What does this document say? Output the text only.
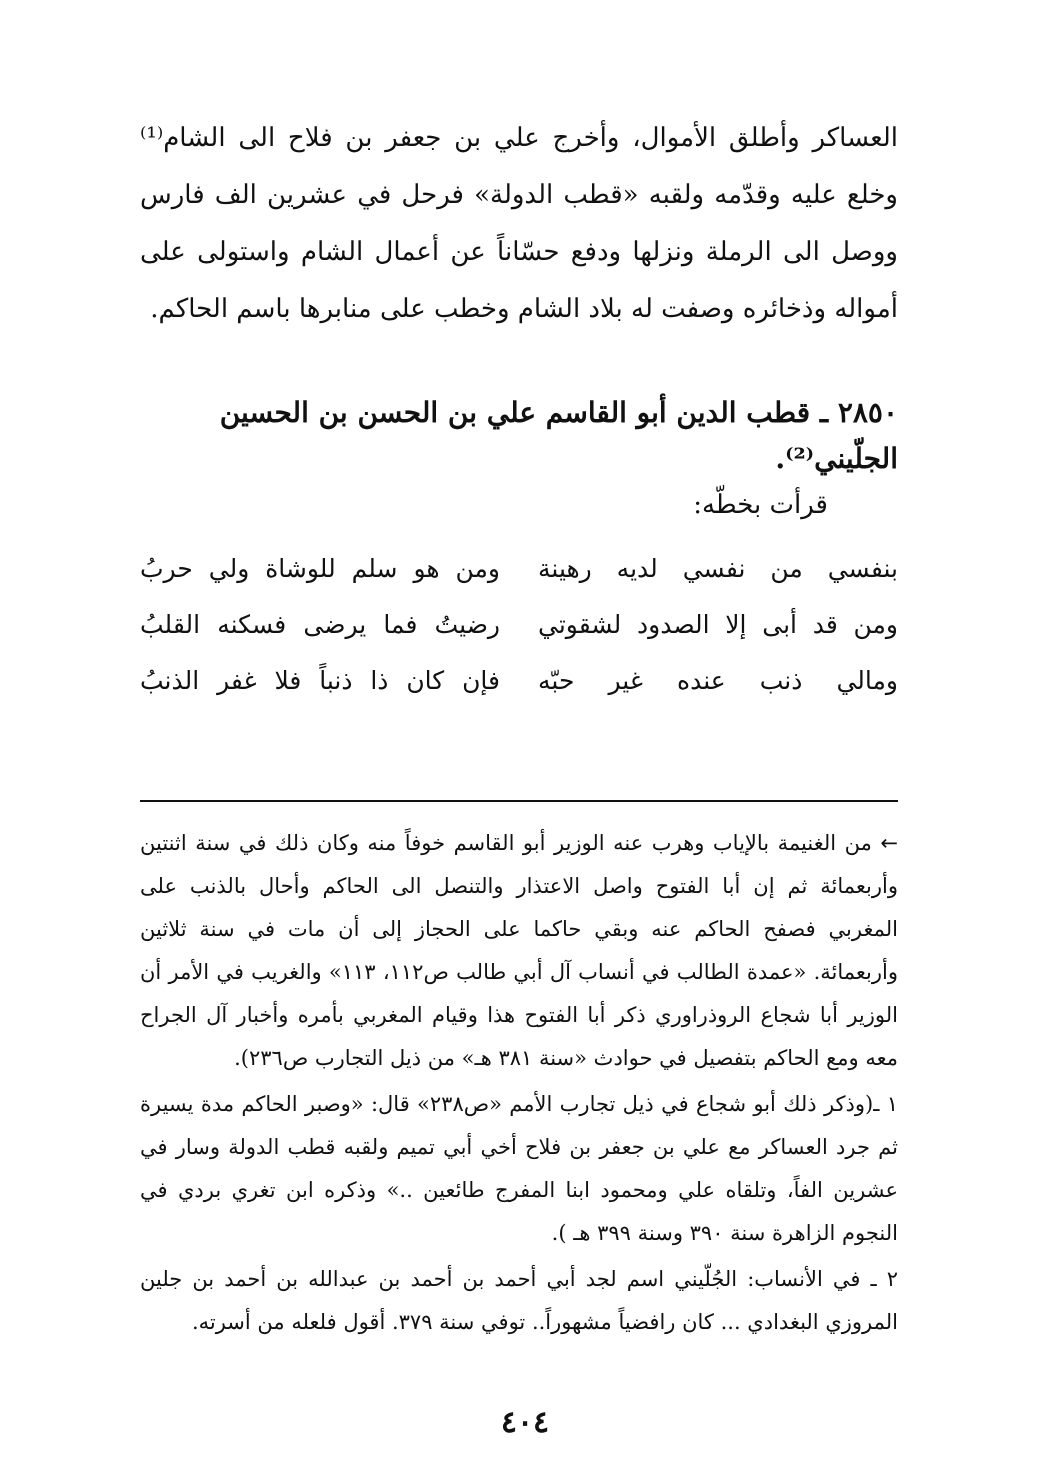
العساكر وأطلق الأموال، وأخرج علي بن جعفر بن فلاح الى الشام⁽¹⁾ وخلع عليه وقدّمه ولقبه «قطب الدولة» فرحل في عشرين الف فارس ووصل الى الرملة ونزلها ودفع حسّاناً عن أعمال الشام واستولى على أمواله وذخائره وصفت له بلاد الشام وخطب على منابرها باسم الحاكم.

٢٨٥٠ ـ قطب الدين أبو القاسم علي بن الحسن بن الحسين الجلّيني⁽²⁾.

قرأت بخطّه:

بنفسي من نفسي لديه رهينة
ومن هو سلم للوشاة ولي حربُ
ومن قد أبى إلا الصدود لشقوتي
رضيتُ فما يرضى فسكنه القلبُ
ومالي ذنب عنده غير حبّه
فإن كان ذا ذنباً فلا غفر الذنبُ

← من الغنيمة بالإياب وهرب عنه الوزير أبو القاسم خوفاً منه وكان ذلك في سنة اثنتين وأربعمائة ثم إن أبا الفتوح واصل الاعتذار والتنصل الى الحاكم وأحال بالذنب على المغربي فصفح الحاكم عنه وبقي حاكما على الحجاز إلى أن مات في سنة ثلاثين وأربعمائة. «عمدة الطالب في أنساب آل أبي طالب ص١١٢، ١١٣» والغريب في الأمر أن الوزير أبا شجاع الروذراوري ذكر أبا الفتوح هذا وقيام المغربي بأمره وأخبار آل الجراح معه ومع الحاكم بتفصيل في حوادث «سنة ٣٨١ هـ» من ذيل التجارب ص٢٣٦).

١ ـ(وذكر ذلك أبو شجاع في ذيل تجارب الأمم «ص٢٣٨» قال: «وصبر الحاكم مدة يسيرة ثم جرد العساكر مع علي بن جعفر بن فلاح أخي أبي تميم ولقبه قطب الدولة وسار في عشرين الفاً، وتلقاه علي ومحمود ابنا المفرج طائعين ..» وذكره ابن تغري بردي في النجوم الزاهرة سنة ٣٩٠ وسنة ٣٩٩ هـ ).

٢ ـ في الأنساب: الجُلّيني اسم لجد أبي أحمد بن أحمد بن عبدالله بن أحمد بن جلين المروزي البغدادي ... كان رافضياً مشهوراً.. توفي سنة ٣٧٩. أقول فلعله من أسرته.

٤٠٤
